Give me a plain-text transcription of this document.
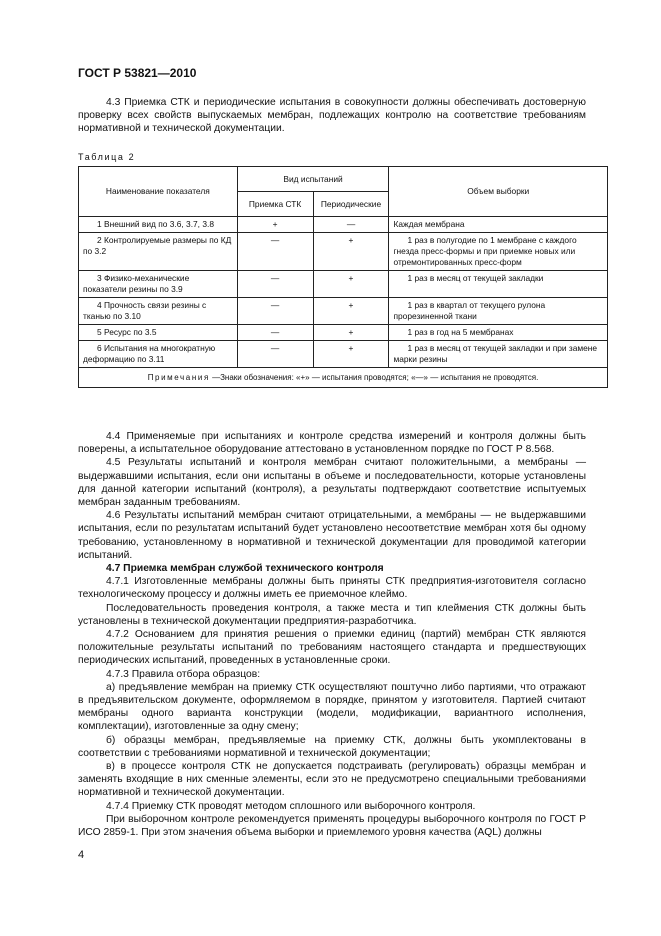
ГОСТ Р 53821—2010

4.3 Приемка СТК и периодические испытания в совокупности должны обеспечивать достоверную проверку всех свойств выпускаемых мембран, подлежащих контролю на соответствие требованиям нормативной и технической документации.

Таблица 2
Наименование показателя	Вид испытаний		Объем выборки
	Приемка СТК	Периодические	
1 Внешний вид по 3.6, 3.7, 3.8	+	—	Каждая мембрана
2 Контролируемые размеры по КД по 3.2	—	+	1 раз в полугодие по 1 мембране с каждого гнезда пресс-формы и при приемке новых или отремонтированных пресс-форм
3 Физико-механические показатели резины по 3.9	—	+	1 раз в месяц от текущей закладки
4 Прочность связи резины с тканью по 3.10	—	+	1 раз в квартал от текущего рулона прорезиненной ткани
5 Ресурс по 3.5	—	+	1 раз в год на 5 мембранах
6 Испытания на многократную деформацию по 3.11	—	+	1 раз в месяц от текущей закладки и при замене марки резины
Примечания —Знаки обозначения: «+» — испытания проводятся; «—» — испытания не проводятся.			

4.4 Применяемые при испытаниях и контроле средства измерений и контроля должны быть поверены, а испытательное оборудование аттестовано в установленном порядке по ГОСТ Р 8.568.

4.5 Результаты испытаний и контроля мембран считают положительными, а мембраны — выдержавшими испытания, если они испытаны в объеме и последовательности, которые установлены для данной категории испытаний (контроля), а результаты подтверждают соответствие испытуемых мембран заданным требованиям.

4.6 Результаты испытаний мембран считают отрицательными, а мембраны — не выдержавшими испытания, если по результатам испытаний будет установлено несоответствие мембран хотя бы одному требованию, установленному в нормативной и технической документации для проводимой категории испытаний.

4.7 Приемка мембран службой технического контроля

4.7.1 Изготовленные мембраны должны быть приняты СТК предприятия-изготовителя согласно технологическому процессу и должны иметь ее приемочное клеймо.

Последовательность проведения контроля, а также места и тип клеймения СТК должны быть установлены в технической документации предприятия-разработчика.

4.7.2 Основанием для принятия решения о приемки единиц (партий) мембран СТК являются положительные результаты испытаний по требованиям настоящего стандарта и предшествующих периодических испытаний, проведенных в установленные сроки.

4.7.3 Правила отбора образцов:

а) предъявление мембран на приемку СТК осуществляют поштучно либо партиями, что отражают в предъявительском документе, оформляемом в порядке, принятом у изготовителя. Партией считают мембраны одного варианта конструкции (модели, модификации, вариантного исполнения, комплектации), изготовленные за одну смену;

б) образцы мембран, предъявляемые на приемку СТК, должны быть укомплектованы в соответствии с требованиями нормативной и технической документации;

в) в процессе контроля СТК не допускается подстраивать (регулировать) образцы мембран и заменять входящие в них сменные элементы, если это не предусмотрено специальными требованиями нормативной и технической документации.

4.7.4 Приемку СТК проводят методом сплошного или выборочного контроля.

При выборочном контроле рекомендуется применять процедуры выборочного контроля по ГОСТ Р ИСО 2859-1. При этом значения объема выборки и приемлемого уровня качества (AQL) должны

4
